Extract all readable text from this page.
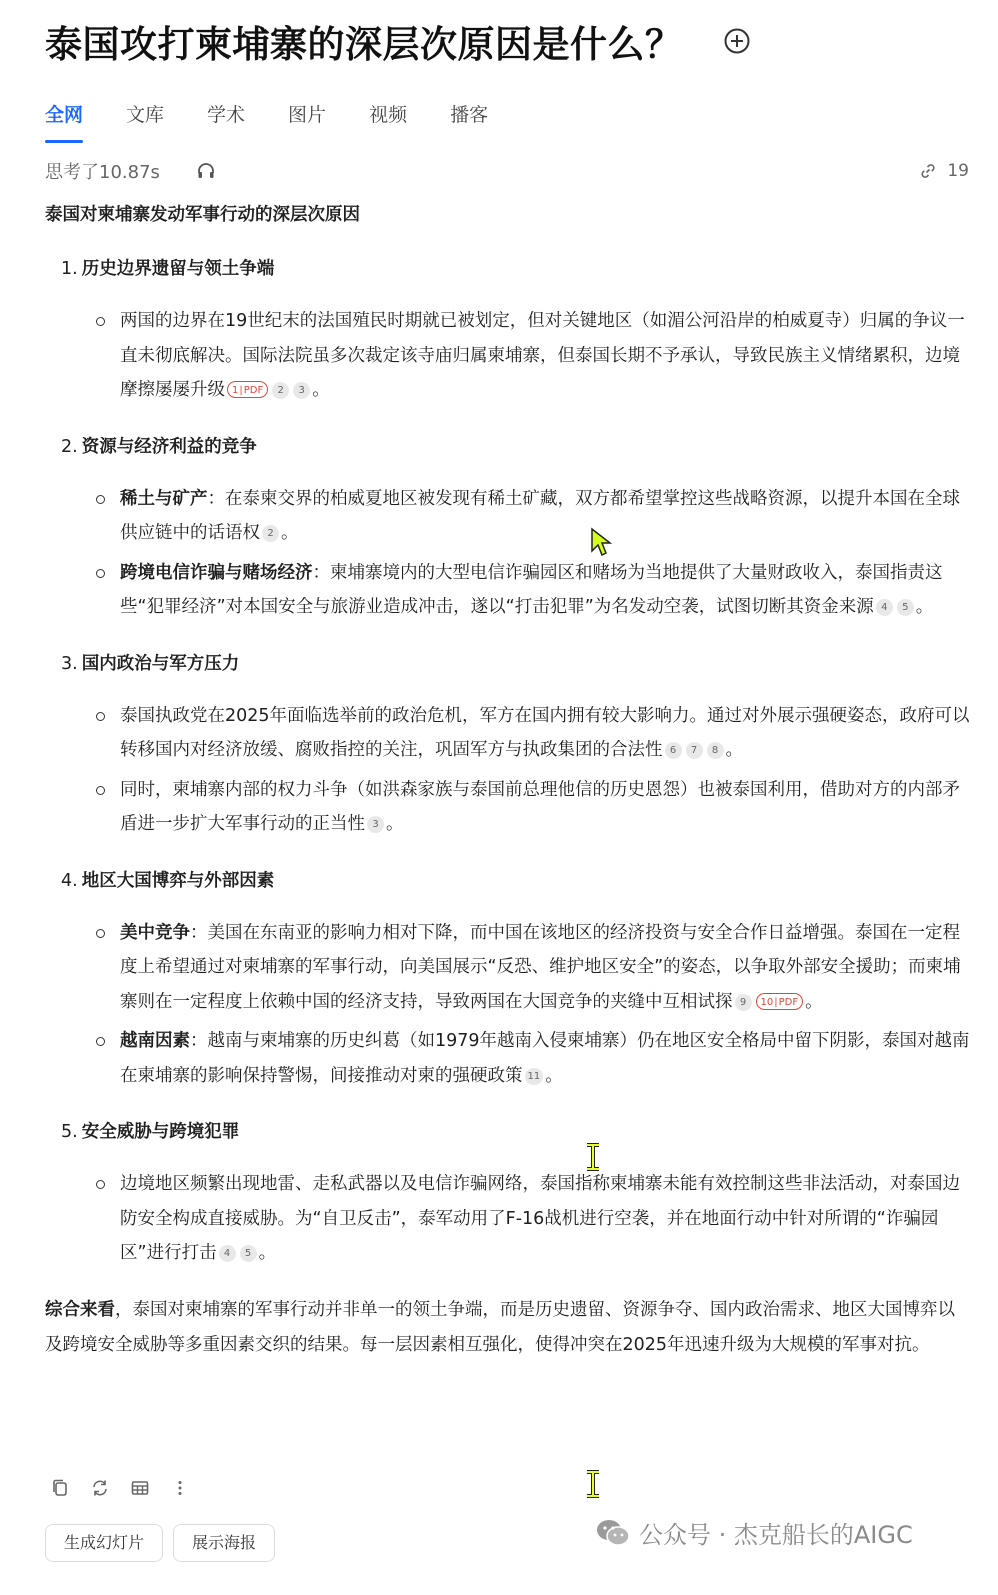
泰国攻打柬埔寨的深层次原因是什么？
全网 文库 学术 图片 视频 播客
思考了10.87s	19
泰国对柬埔寨发动军事行动的深层次原因
1. 历史边界遗留与领土争端
两国的边界在19世纪末的法国殖民时期就已被划定，但对关键地区（如湄公河沿岸的柏威夏寺）归属的争议一直未彻底解决。国际法院虽多次裁定该寺庙归属柬埔寨，但泰国长期不予承认，导致民族主义情绪累积，边境摩擦屡屡升级 1|PDF 2 3 。
2. 资源与经济利益的竞争
稀土与矿产：在泰柬交界的柏威夏地区被发现有稀土矿藏，双方都希望掌控这些战略资源，以提升本国在全球供应链中的话语权 2 。
跨境电信诈骗与赌场经济：柬埔寨境内的大型电信诈骗园区和赌场为当地提供了大量财政收入，泰国指责这些“犯罪经济”对本国安全与旅游业造成冲击，遂以“打击犯罪”为名发动空袭，试图切断其资金来源 4 5 。
3. 国内政治与军方压力
泰国执政党在2025年面临选举前的政治危机，军方在国内拥有较大影响力。通过对外展示强硬姿态，政府可以转移国内对经济放缓、腐败指控的关注，巩固军方与执政集团的合法性 6 7 8 。
同时，柬埔寨内部的权力斗争（如洪森家族与泰国前总理他信的历史恩怨）也被泰国利用，借助对方的内部矛盾进一步扩大军事行动的正当性 3 。
4. 地区大国博弈与外部因素
美中竞争：美国在东南亚的影响力相对下降，而中国在该地区的经济投资与安全合作日益增强。泰国在一定程度上希望通过对柬埔寨的军事行动，向美国展示“反恐、维护地区安全”的姿态，以争取外部安全援助；而柬埔寨则在一定程度上依赖中国的经济支持，导致两国在大国竞争的夹缝中互相试探 9 10|PDF 。
越南因素：越南与柬埔寨的历史纠葛（如1979年越南入侵柬埔寨）仍在地区安全格局中留下阴影，泰国对越南在柬埔寨的影响保持警惕，间接推动对柬的强硬政策 11 。
5. 安全威胁与跨境犯罪
边境地区频繁出现地雷、走私武器以及电信诈骗网络，泰国指称柬埔寨未能有效控制这些非法活动，对泰国边防安全构成直接威胁。为“自卫反击”，泰军动用了F-16战机进行空袭，并在地面行动中针对所谓的“诈骗园区”进行打击 4 5 。
综合来看，泰国对柬埔寨的军事行动并非单一的领土争端，而是历史遗留、资源争夺、国内政治需求、地区大国博弈以及跨境安全威胁等多重因素交织的结果。每一层因素相互强化，使得冲突在2025年迅速升级为大规模的军事对抗。
生成幻灯片	展示海报	公众号 · 杰克船长的AIGC
